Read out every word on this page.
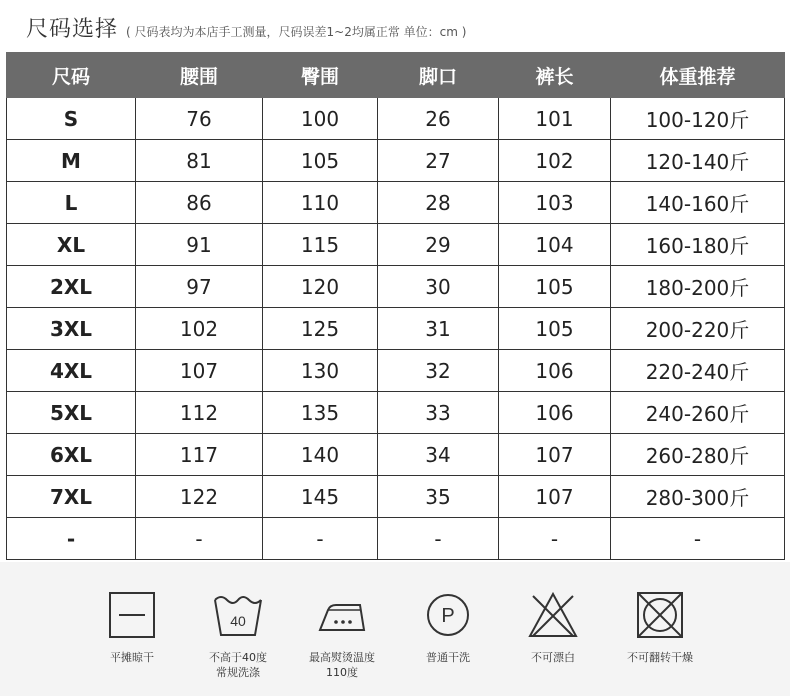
尺码选择 ( 尺码表均为本店手工测量，尺码误差1~2均属正常 单位：cm )
尺码	腰围	臀围	脚口	裤长	体重推荐
S	76	100	26	101	100-120斤
M	81	105	27	102	120-140斤
L	86	110	28	103	140-160斤
XL	91	115	29	104	160-180斤
2XL	97	120	30	105	180-200斤
3XL	102	125	31	105	200-220斤
4XL	107	130	32	106	220-240斤
5XL	112	135	33	106	240-260斤
6XL	117	140	34	107	260-280斤
7XL	122	145	35	107	280-300斤
-	-	-	-	-	-
平摊晾干
40
不高于40度
常规洗涤
最高熨烫温度
110度
P
普通干洗	不可漂白	不可翻转干燥
